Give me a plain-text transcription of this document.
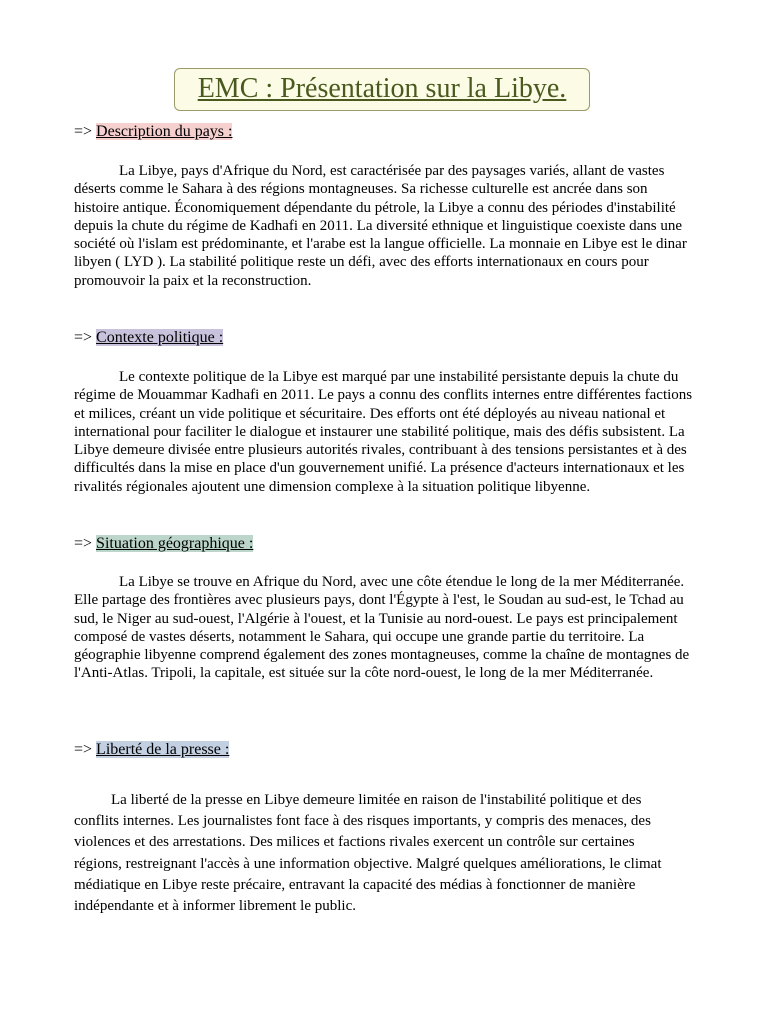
EMC : Présentation sur la Libye.
=> Description du pays :

La Libye, pays d'Afrique du Nord, est caractérisée par des paysages variés, allant de vastes déserts comme le Sahara à des régions montagneuses. Sa richesse culturelle est ancrée dans son histoire antique. Économiquement dépendante du pétrole, la Libye a connu des périodes d'instabilité depuis la chute du régime de Kadhafi en 2011. La diversité ethnique et linguistique coexiste dans une société où l'islam est prédominante, et l'arabe est la langue officielle. La monnaie en Libye est le dinar libyen ( LYD ). La stabilité politique reste un défi, avec des efforts internationaux en cours pour promouvoir la paix et la reconstruction.

=> Contexte politique :

Le contexte politique de la Libye est marqué par une instabilité persistante depuis la chute du régime de Mouammar Kadhafi en 2011. Le pays a connu des conflits internes entre différentes factions et milices, créant un vide politique et sécuritaire. Des efforts ont été déployés au niveau national et international pour faciliter le dialogue et instaurer une stabilité politique, mais des défis subsistent. La Libye demeure divisée entre plusieurs autorités rivales, contribuant à des tensions persistantes et à des difficultés dans la mise en place d'un gouvernement unifié. La présence d'acteurs internationaux et les rivalités régionales ajoutent une dimension complexe à la situation politique libyenne.

=> Situation géographique :

La Libye se trouve en Afrique du Nord, avec une côte étendue le long de la mer Méditerranée. Elle partage des frontières avec plusieurs pays, dont l'Égypte à l'est, le Soudan au sud-est, le Tchad au sud, le Niger au sud-ouest, l'Algérie à l'ouest, et la Tunisie au nord-ouest. Le pays est principalement composé de vastes déserts, notamment le Sahara, qui occupe une grande partie du territoire. La géographie libyenne comprend également des zones montagneuses, comme la chaîne de montagnes de l'Anti-Atlas. Tripoli, la capitale, est située sur la côte nord-ouest, le long de la mer Méditerranée.

=> Liberté de la presse :

La liberté de la presse en Libye demeure limitée en raison de l'instabilité politique et des conflits internes. Les journalistes font face à des risques importants, y compris des menaces, des violences et des arrestations. Des milices et factions rivales exercent un contrôle sur certaines régions, restreignant l'accès à une information objective. Malgré quelques améliorations, le climat médiatique en Libye reste précaire, entravant la capacité des médias à fonctionner de manière indépendante et à informer librement le public.
